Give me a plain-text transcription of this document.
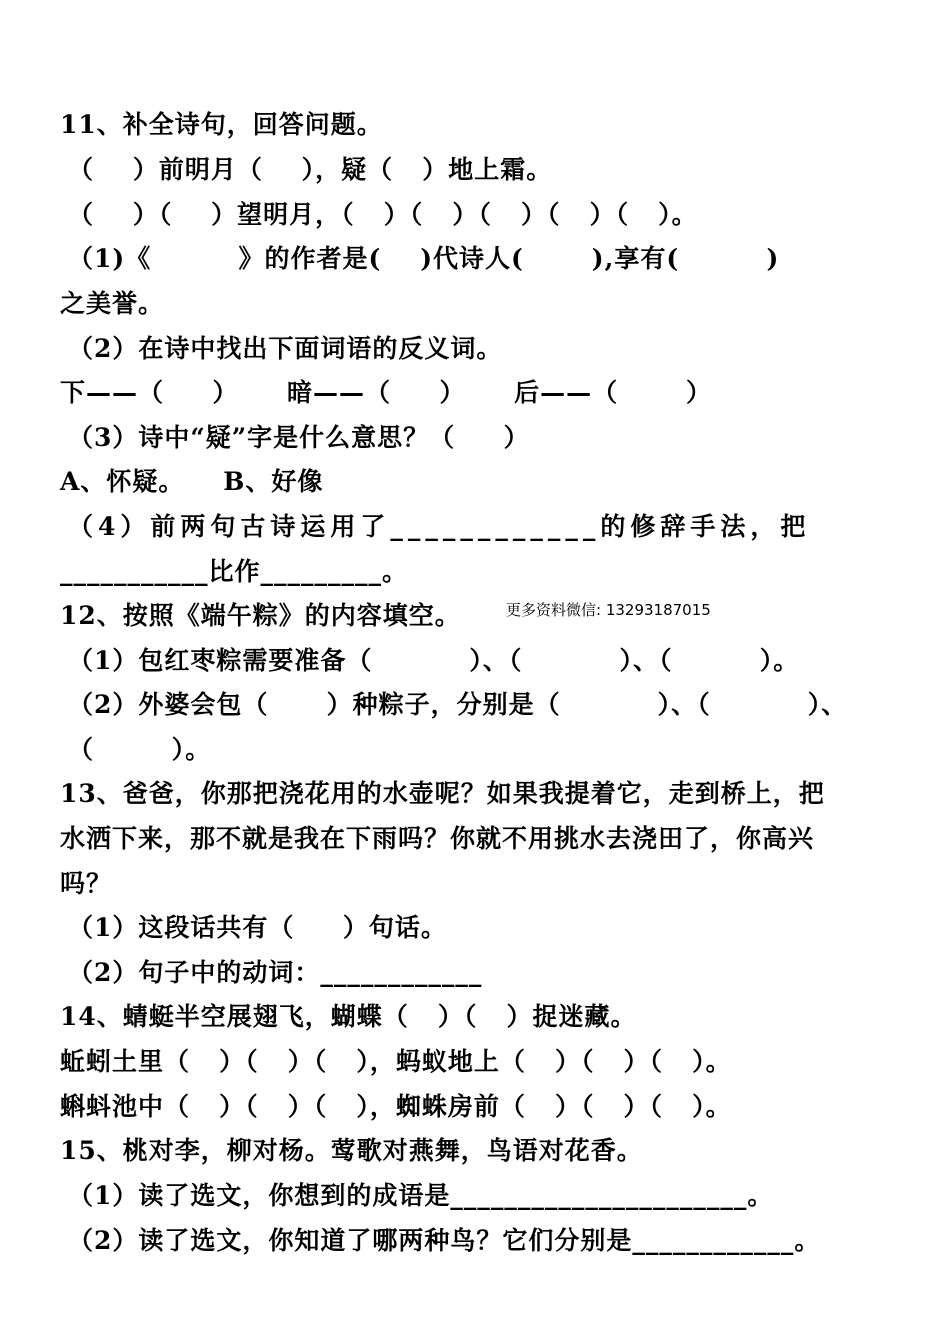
11、补全诗句，回答问题。
（    ）前明月（    ），疑（   ）地上霜。
（    ）（    ）望明月，（   ）（   ）（   ）（   ）（   ）。
（1)《         》的作者是(    )代诗人(       ),享有(         )
之美誉。
（2）在诗中找出下面词语的反义词。
下——（     ）     暗——（     ）     后——（       ）
（3）诗中“疑”字是什么意思？（     ）
A、怀疑。    B、好像
（4）前两句古诗运用了____________的修辞手法，把
___________比作_________。
12、按照《端午粽》的内容填空。	更多资料微信: 13293187015
（1）包红枣粽需要准备（          ）、（          ）、（         ）。
（2）外婆会包（      ）种粽子，分别是（          ）、（          ）、
（        ）。
13、爸爸，你那把浇花用的水壶呢？如果我提着它，走到桥上，把
水洒下来，那不就是我在下雨吗？你就不用挑水去浇田了，你高兴
吗？
（1）这段话共有（     ）句话。
（2）句子中的动词：____________
14、蜻蜓半空展翅飞，蝴蝶（   ）（   ）捉迷藏。
蚯蚓土里（   ）（   ）（   ），蚂蚁地上（   ）（   ）（   ）。
蝌蚪池中（   ）（   ）（   ），蜘蛛房前（   ）（   ）（   ）。
15、桃对李，柳对杨。莺歌对燕舞，鸟语对花香。
（1）读了选文，你想到的成语是______________________。
（2）读了选文，你知道了哪两种鸟？它们分别是____________。
